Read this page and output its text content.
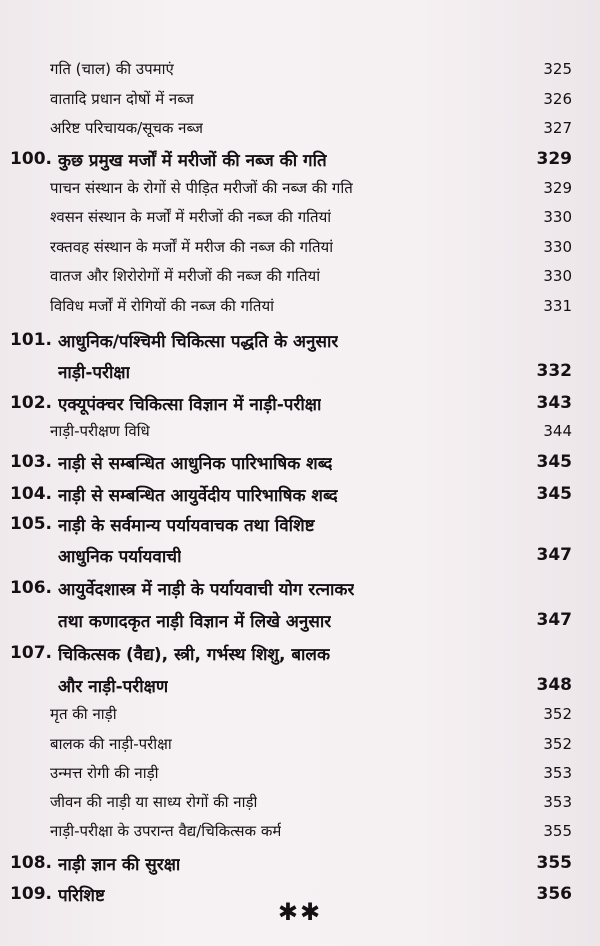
गति (चाल) की उपमाएं	325
वातादि प्रधान दोषों में नब्ज	326
अरिष्ट परिचायक/सूचक नब्ज	327
100. कुछ प्रमुख मर्जों में मरीजों की नब्ज की गति	329
पाचन संस्थान के रोगों से पीड़ित मरीजों की नब्ज की गति	329
श्वसन संस्थान के मर्जों में मरीजों की नब्ज की गतियां	330
रक्तवह संस्थान के मर्जों में मरीज की नब्ज की गतियां	330
वातज और शिरोरोगों में मरीजों की नब्ज की गतियां	330
विविध मर्जों में रोगियों की नब्ज की गतियां	331
101. आधुनिक/पश्चिमी चिकित्सा पद्धति के अनुसार
नाड़ी-परीक्षा	332
102. एक्यूपंक्चर चिकित्सा विज्ञान में नाड़ी-परीक्षा	343
नाड़ी-परीक्षण विधि	344
103. नाड़ी से सम्बन्धित आधुनिक पारिभाषिक शब्द	345
104. नाड़ी से सम्बन्धित आयुर्वेदीय पारिभाषिक शब्द	345
105. नाड़ी के सर्वमान्य पर्यायवाचक तथा विशिष्ट
आधुनिक पर्यायवाची	347
106. आयुर्वेदशास्त्र में नाड़ी के पर्यायवाची योग रत्नाकर
तथा कणादकृत नाड़ी विज्ञान में लिखे अनुसार	347
107. चिकित्सक (वैद्य), स्त्री, गर्भस्थ शिशु, बालक
और नाड़ी-परीक्षण	348
मृत की नाड़ी	352
बालक की नाड़ी-परीक्षा	352
उन्मत्त रोगी की नाड़ी	353
जीवन की नाड़ी या साध्य रोगों की नाड़ी	353
नाड़ी-परीक्षा के उपरान्त वैद्य/चिकित्सक कर्म	355
108. नाड़ी ज्ञान की सुरक्षा	355
109. परिशिष्ट	356
✱✱
